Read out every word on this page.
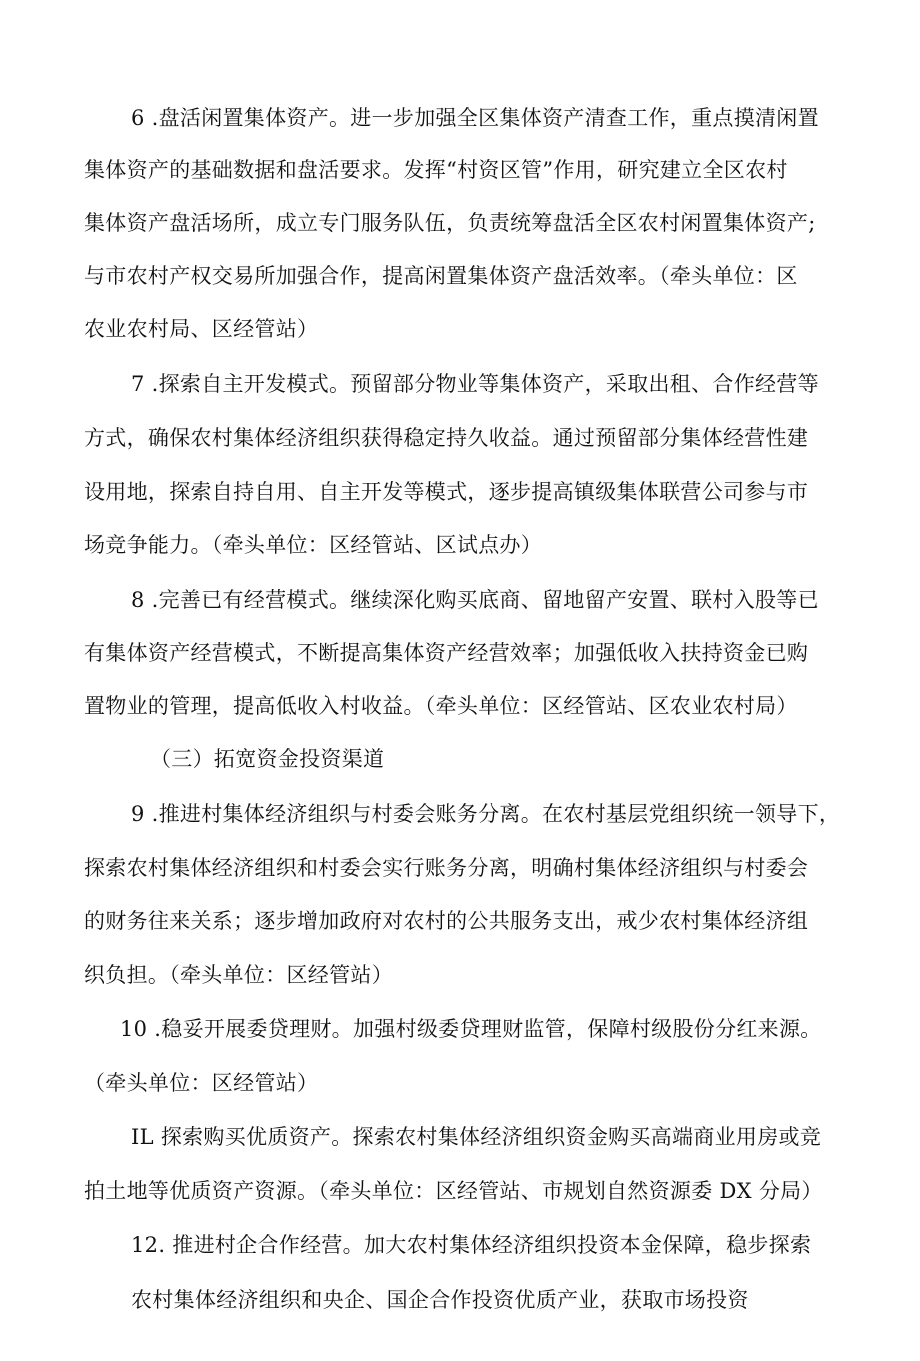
6 .盘活闲置集体资产。进一步加强全区集体资产清查工作，重点摸清闲置
集体资产的基础数据和盘活要求。发挥“村资区管”作用，研究建立全区农村
集体资产盘活场所，成立专门服务队伍，负责统筹盘活全区农村闲置集体资产;
与市农村产权交易所加强合作，提高闲置集体资产盘活效率。（牵头单位：区
农业农村局、区经管站）
7 .探索自主开发模式。预留部分物业等集体资产，采取出租、合作经营等
方式，确保农村集体经济组织获得稳定持久收益。通过预留部分集体经营性建
设用地，探索自持自用、自主开发等模式，逐步提高镇级集体联营公司参与市
场竞争能力。（牵头单位：区经管站、区试点办）
8 .完善已有经营模式。继续深化购买底商、留地留产安置、联村入股等已
有集体资产经营模式，不断提高集体资产经营效率；加强低收入扶持资金已购
置物业的管理，提高低收入村收益。（牵头单位：区经管站、区农业农村局）
（三）拓宽资金投资渠道
9 .推进村集体经济组织与村委会账务分离。在农村基层党组织统一领导下，
探索农村集体经济组织和村委会实行账务分离，明确村集体经济组织与村委会
的财务往来关系；逐步增加政府对农村的公共服务支出，戒少农村集体经济组
织负担。（牵头单位：区经管站）
10 .稳妥开展委贷理财。加强村级委贷理财监管，保障村级股份分红来源。
（牵头单位：区经管站）
IL 探索购买优质资产。探索农村集体经济组织资金购买高端商业用房或竞
拍土地等优质资产资源。（牵头单位：区经管站、市规划自然资源委 DX 分局）
12. 推进村企合作经营。加大农村集体经济组织投资本金保障，稳步探索
农村集体经济组织和央企、国企合作投资优质产业，获取市场投资
